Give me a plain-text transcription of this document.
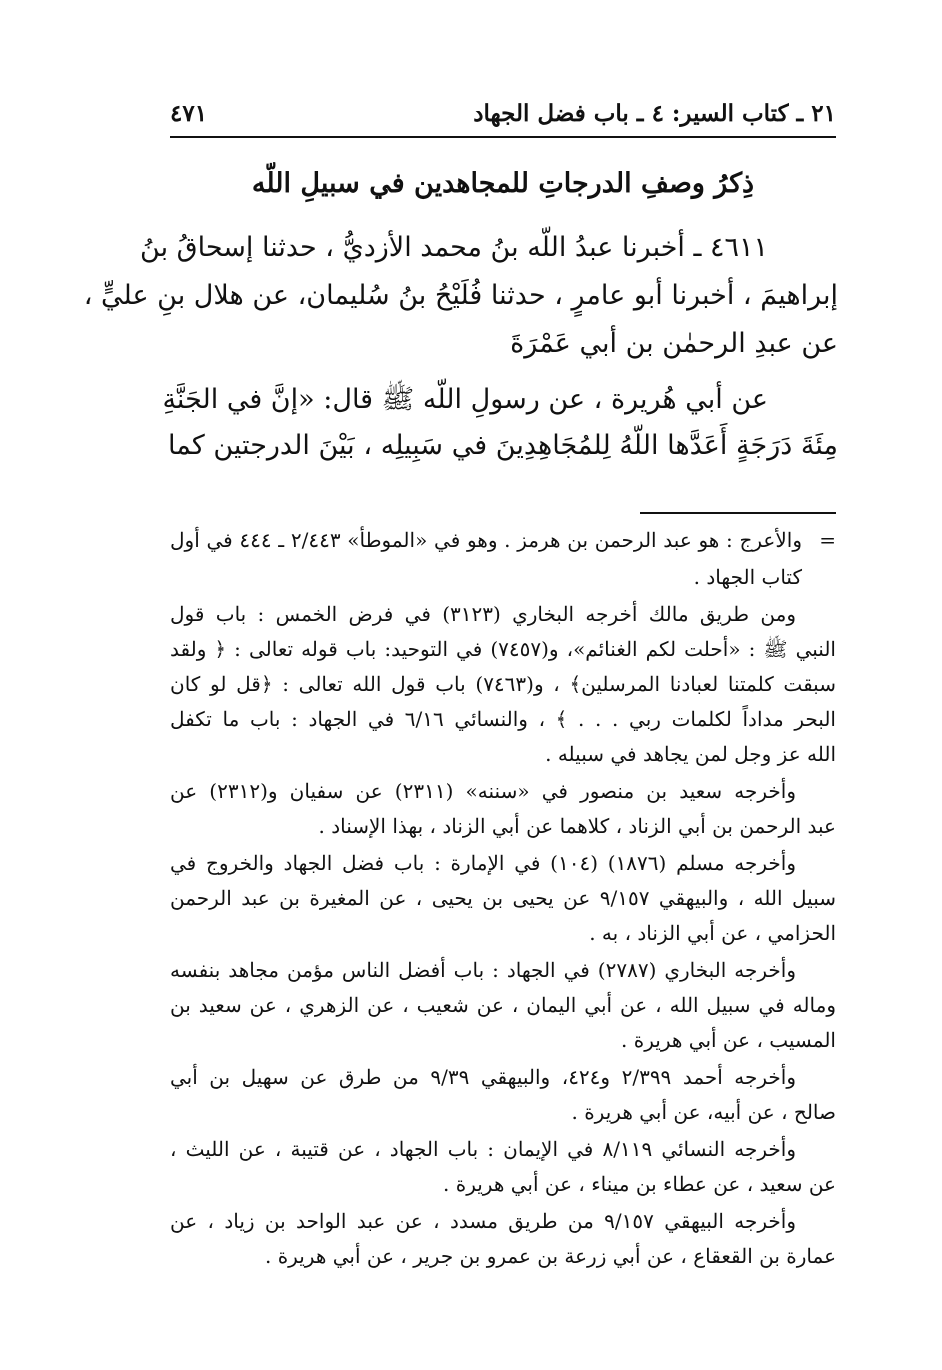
٢١ ـ كتاب السير: ٤ ـ باب فضل الجهاد
٤٧١
ذِكرُ وصفِ الدرجاتِ للمجاهدين في سبيلِ اللّه
٤٦١١ ـ أخبرنا عبدُ اللّه بنُ محمد الأزديُّ ، حدثنا إسحاقُ بنُ
إبراهيمَ ، أخبرنا أبو عامرٍ ، حدثنا فُلَيْحُ بنُ سُليمان، عن هلال بنِ عليٍّ ،
عن عبدِ الرحمٰن بن أبي عَمْرَةَ
عن أبي هُريرة ، عن رسولِ اللّه ﷺ قال: «إنَّ في الجَنَّةِ
مِئَةَ دَرَجَةٍ أَعَدَّها اللّهُ لِلمُجَاهِدِينَ في سَبِيلِه ، بَيْنَ الدرجتين كما
=
والأعرج : هو عبد الرحمن بن هرمز . وهو في «الموطأ» ٢/٤٤٣ ـ ٤٤٤ في أول
كتاب الجهاد .
ومن طريق مالك أخرجه البخاري (٣١٢٣) في فرض الخمس : باب قول
النبي ﷺ : «أحلت لكم الغنائم»، و(٧٤٥٧) في التوحيد: باب قوله تعالى : ﴿ ولقد
سبقت كلمتنا لعبادنا المرسلين﴾ ، و(٧٤٦٣) باب قول الله تعالى : ﴿قل لو كان
البحر مداداً لكلمات ربي . . . ﴾ ، والنسائي ٦/١٦ في الجهاد : باب ما تكفل
الله عز وجل لمن يجاهد في سبيله .
وأخرجه سعيد بن منصور في «سننه» (٢٣١١) عن سفيان و(٢٣١٢) عن
عبد الرحمن بن أبي الزناد ، كلاهما عن أبي الزناد ، بهذا الإسناد .
وأخرجه مسلم (١٨٧٦) (١٠٤) في الإمارة : باب فضل الجهاد والخروج في
سبيل الله ، والبيهقي ٩/١٥٧ عن يحيى بن يحيى ، عن المغيرة بن عبد الرحمن
الحزامي ، عن أبي الزناد ، به .
وأخرجه البخاري (٢٧٨٧) في الجهاد : باب أفضل الناس مؤمن مجاهد بنفسه
وماله في سبيل الله ، عن أبي اليمان ، عن شعيب ، عن الزهري ، عن سعيد بن
المسيب ، عن أبي هريرة .
وأخرجه أحمد ٢/٣٩٩ و٤٢٤، والبيهقي ٩/٣٩ من طرق عن سهيل بن أبي
صالح ، عن أبيه، عن أبي هريرة .
وأخرجه النسائي ٨/١١٩ في الإيمان : باب الجهاد ، عن قتيبة ، عن الليث ،
عن سعيد ، عن عطاء بن ميناء ، عن أبي هريرة .
وأخرجه البيهقي ٩/١٥٧ من طريق مسدد ، عن عبد الواحد بن زياد ، عن
عمارة بن القعقاع ، عن أبي زرعة بن عمرو بن جرير ، عن أبي هريرة .
